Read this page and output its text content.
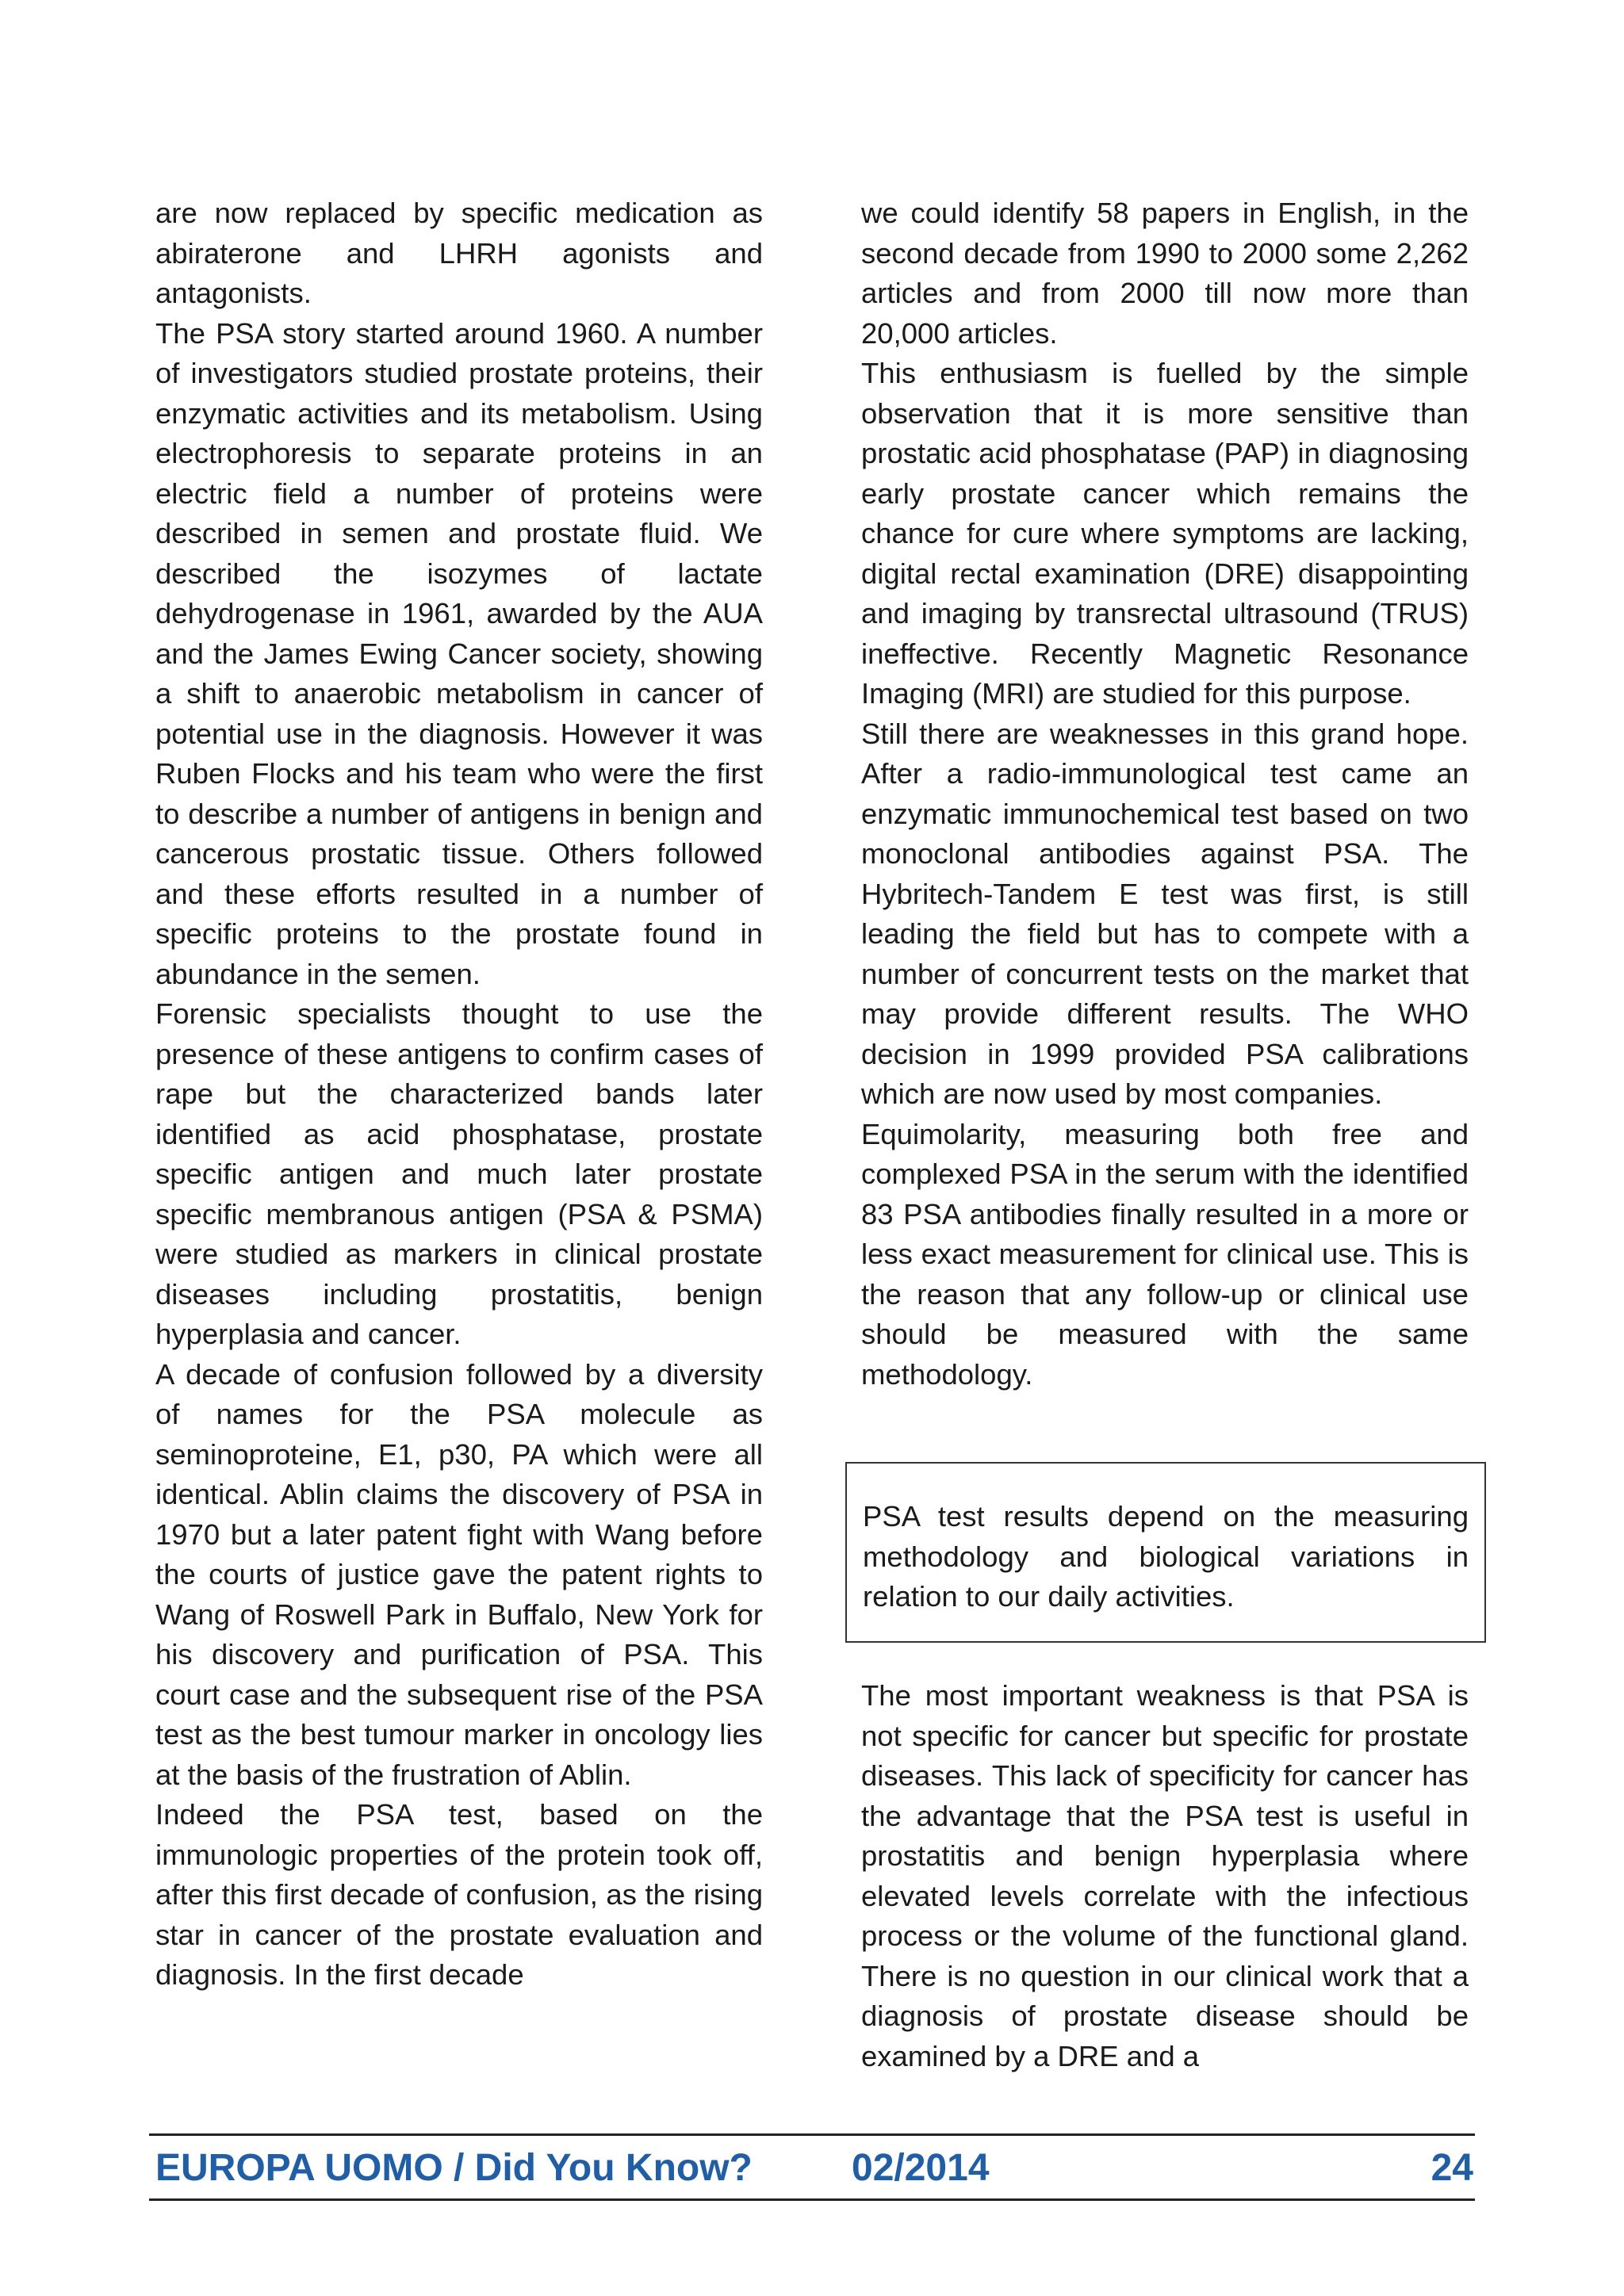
are now replaced by specific medication as abiraterone and LHRH agonists and antagonists.

The PSA story started around 1960. A number of investigators studied prostate proteins, their enzymatic activities and its metabolism. Using electrophoresis to separate proteins in an electric field a number of proteins were described in semen and prostate fluid. We described the isozymes of lactate dehydrogenase in 1961, awarded by the AUA and the James Ewing Cancer society, showing a shift to anaerobic metabolism in cancer of potential use in the diagnosis. However it was Ruben Flocks and his team who were the first to describe a number of antigens in benign and cancerous prostatic tissue. Others followed and these efforts resulted in a number of specific proteins to the prostate found in abundance in the semen.

Forensic specialists thought to use the presence of these antigens to confirm cases of rape but the characterized bands later identified as acid phosphatase, prostate specific antigen and much later prostate specific membranous antigen (PSA & PSMA) were studied as markers in clinical prostate diseases including prostatitis, benign hyperplasia and cancer.

A decade of confusion followed by a diversity of names for the PSA molecule as seminoproteine, E1, p30, PA which were all identical. Ablin claims the discovery of PSA in 1970 but a later patent fight with Wang before the courts of justice gave the patent rights to Wang of Roswell Park in Buffalo, New York for his discovery and purification of PSA. This court case and the subsequent rise of the PSA test as the best tumour marker in oncology lies at the basis of the frustration of Ablin.

Indeed the PSA test, based on the immunologic properties of the protein took off, after this first decade of confusion, as the rising star in cancer of the prostate evaluation and diagnosis. In the first decade

we could identify 58 papers in English, in the second decade from 1990 to 2000 some 2,262 articles and from 2000 till now more than 20,000 articles.

This enthusiasm is fuelled by the simple observation that it is more sensitive than prostatic acid phosphatase (PAP) in diagnosing early prostate cancer which remains the chance for cure where symptoms are lacking, digital rectal examination (DRE) disappointing and imaging by transrectal ultrasound (TRUS) ineffective. Recently Magnetic Resonance Imaging (MRI) are studied for this purpose.

Still there are weaknesses in this grand hope. After a radio-immunological test came an enzymatic immunochemical test based on two monoclonal antibodies against PSA. The Hybritech-Tandem E test was first, is still leading the field but has to compete with a number of concurrent tests on the market that may provide different results. The WHO decision in 1999 provided PSA calibrations which are now used by most companies.

Equimolarity, measuring both free and complexed PSA in the serum with the identified 83 PSA antibodies finally resulted in a more or less exact measurement for clinical use. This is the reason that any follow-up or clinical use should be measured with the same methodology.

PSA test results depend on the measuring methodology and biological variations in relation to our daily activities.

The most important weakness is that PSA is not specific for cancer but specific for prostate diseases. This lack of specificity for cancer has the advantage that the PSA test is useful in prostatitis and benign hyperplasia where elevated levels correlate with the infectious process or the volume of the functional gland. There is no question in our clinical work that a diagnosis of prostate disease should be examined by a DRE and a

EUROPA UOMO / Did You Know?	02/2014	24
